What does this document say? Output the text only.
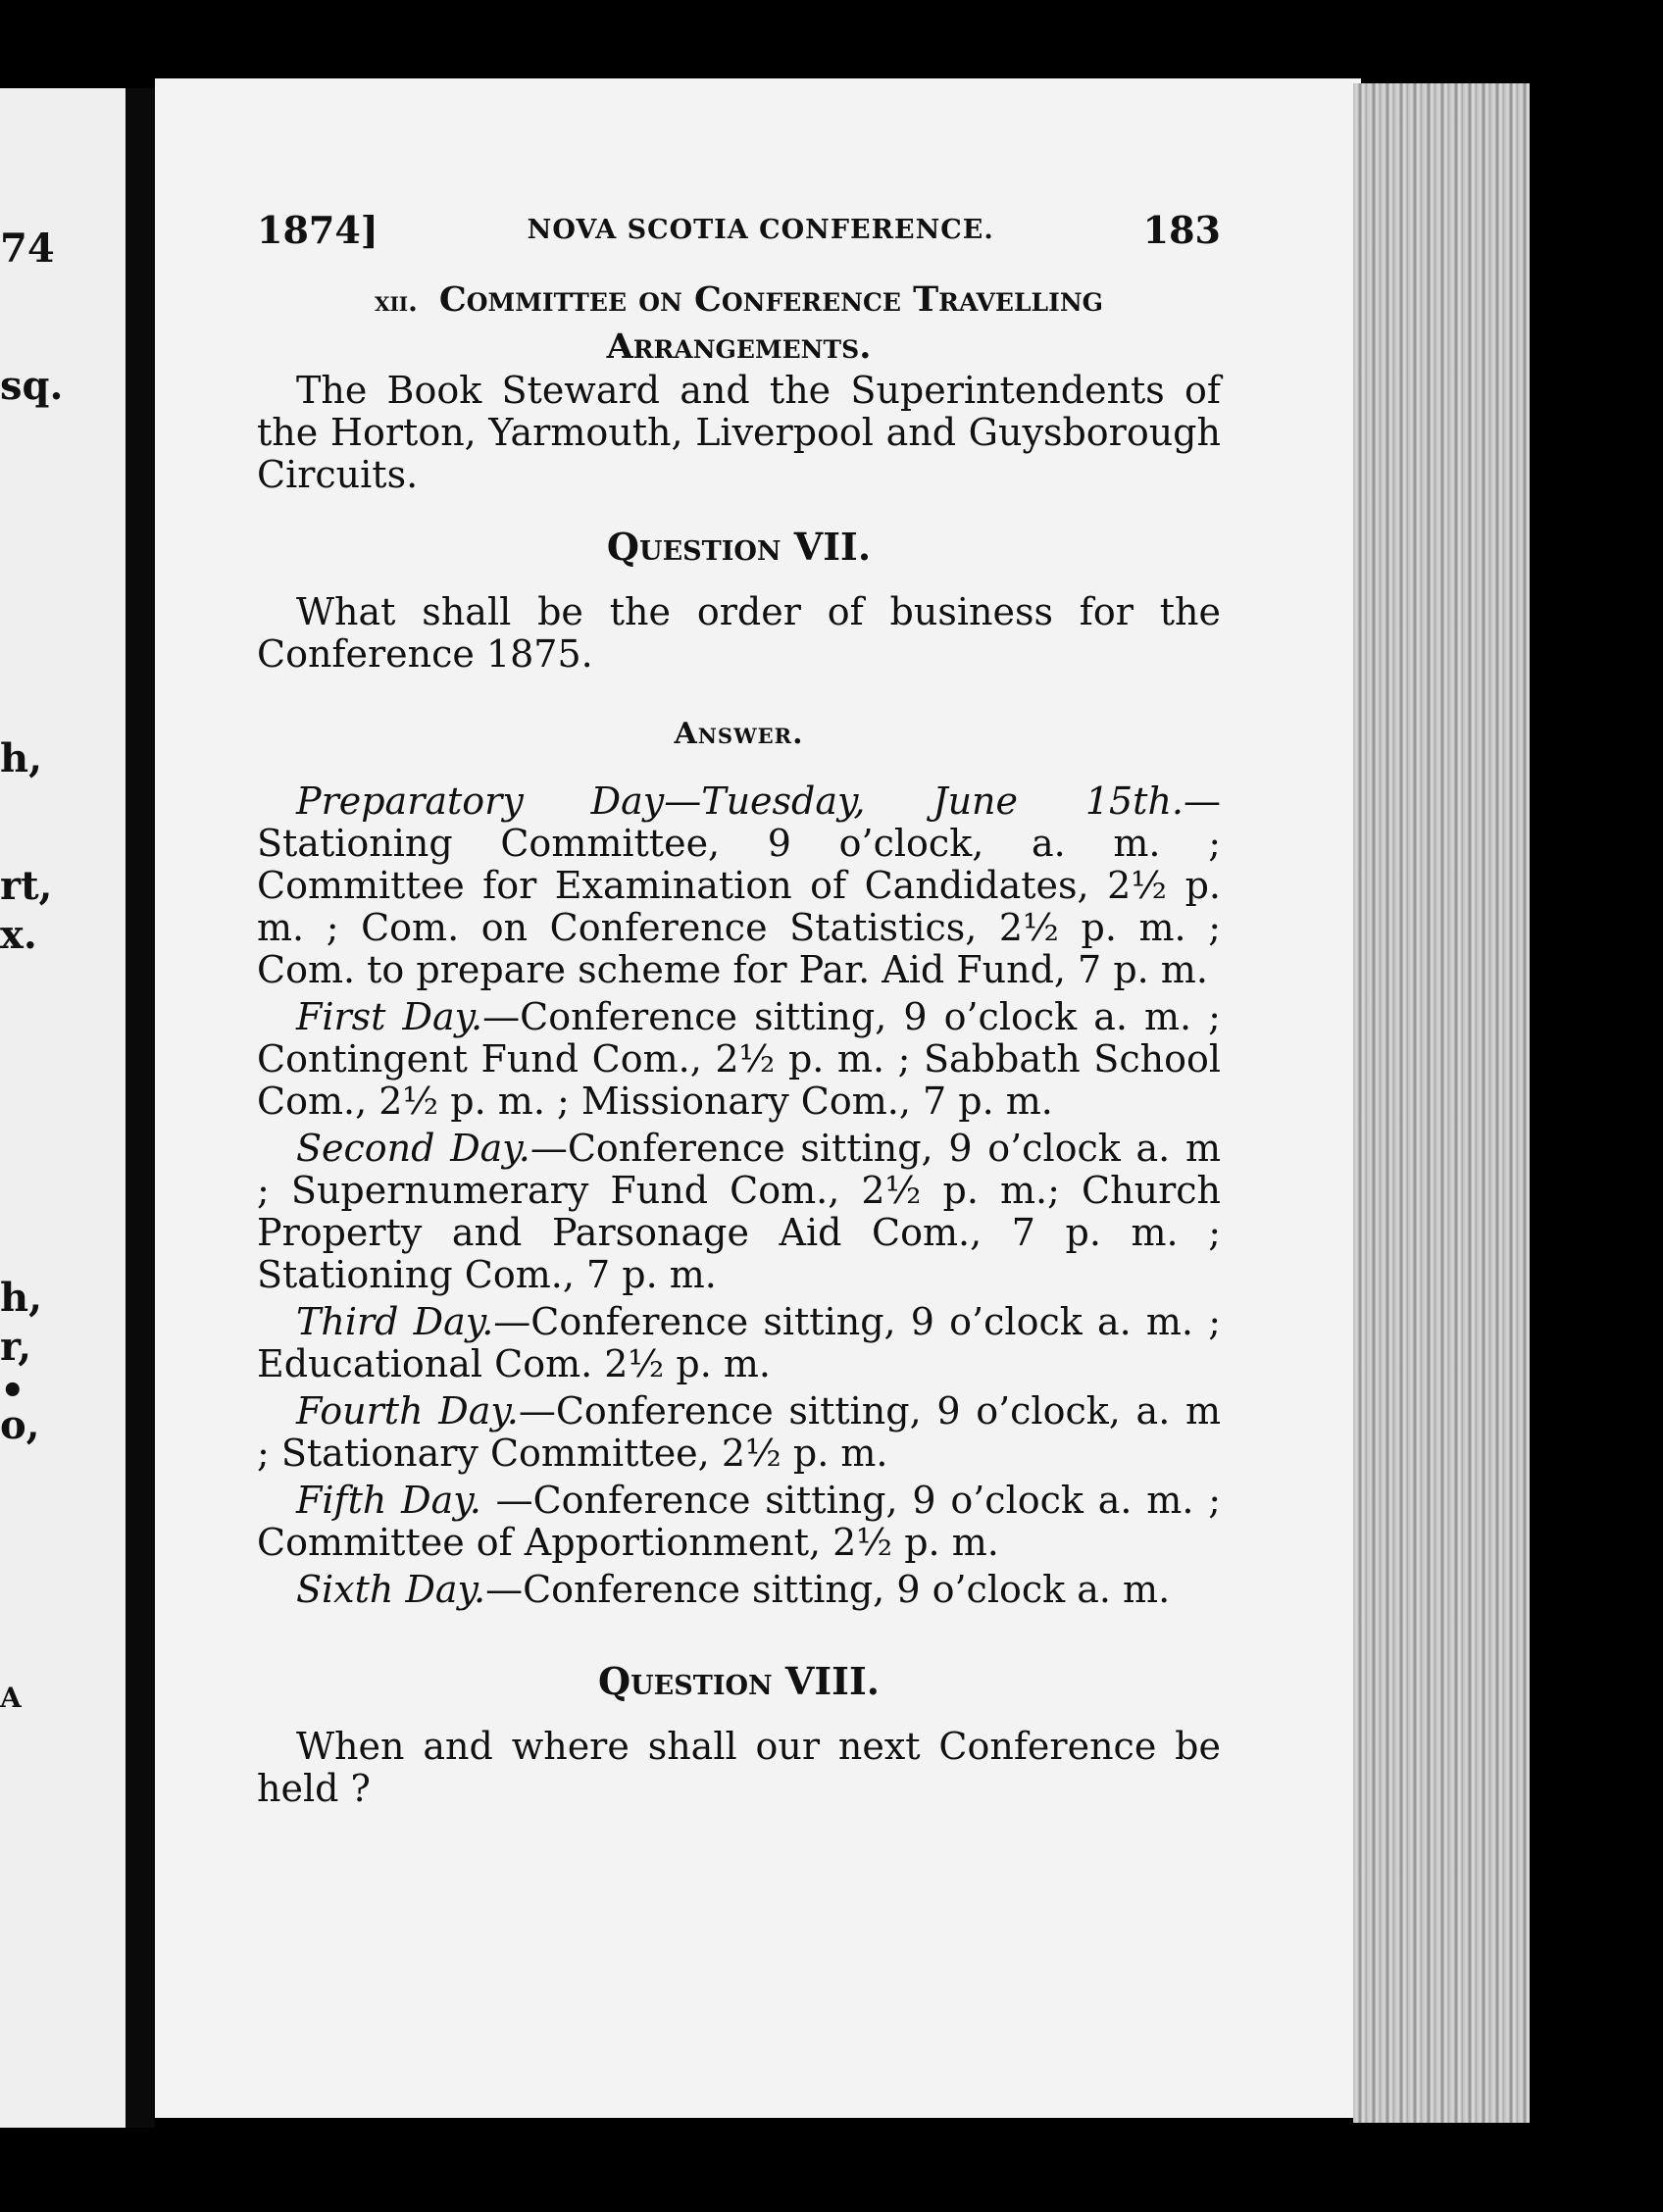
74
sq.
h,
rt,
x.
h,
r,
•
o,
A
1874]	NOVA SCOTIA CONFERENCE.	183
xii. Committee on Conference Travelling
Arrangements.

The Book Steward and the Superintendents of the Horton, Yarmouth, Liverpool and Guysborough Circuits.

Question VII.

What shall be the order of business for the Conference 1875.

Answer.

Preparatory Day—Tuesday, June 15th.—Stationing Committee, 9 o’clock, a. m. ; Committee for Examination of Candidates, 2½ p. m. ; Com. on Conference Statistics, 2½ p. m. ; Com. to prepare scheme for Par. Aid Fund, 7 p. m.

First Day.—Conference sitting, 9 o’clock a. m. ; Contingent Fund Com., 2½ p. m. ; Sabbath School Com., 2½ p. m. ; Missionary Com., 7 p. m.

Second Day.—Conference sitting, 9 o’clock a. m ; Supernumerary Fund Com., 2½ p. m.; Church Property and Parsonage Aid Com., 7 p. m. ; Stationing Com., 7 p. m.

Third Day.—Conference sitting, 9 o’clock a. m. ; Educational Com. 2½ p. m.

Fourth Day.—Conference sitting, 9 o’clock, a. m ; Stationary Committee, 2½ p. m.

Fifth Day. —Conference sitting, 9 o’clock a. m. ; Committee of Apportionment, 2½ p. m.

Sixth Day.—Conference sitting, 9 o’clock a. m.

Question VIII.

When and where shall our next Conference be held ?
